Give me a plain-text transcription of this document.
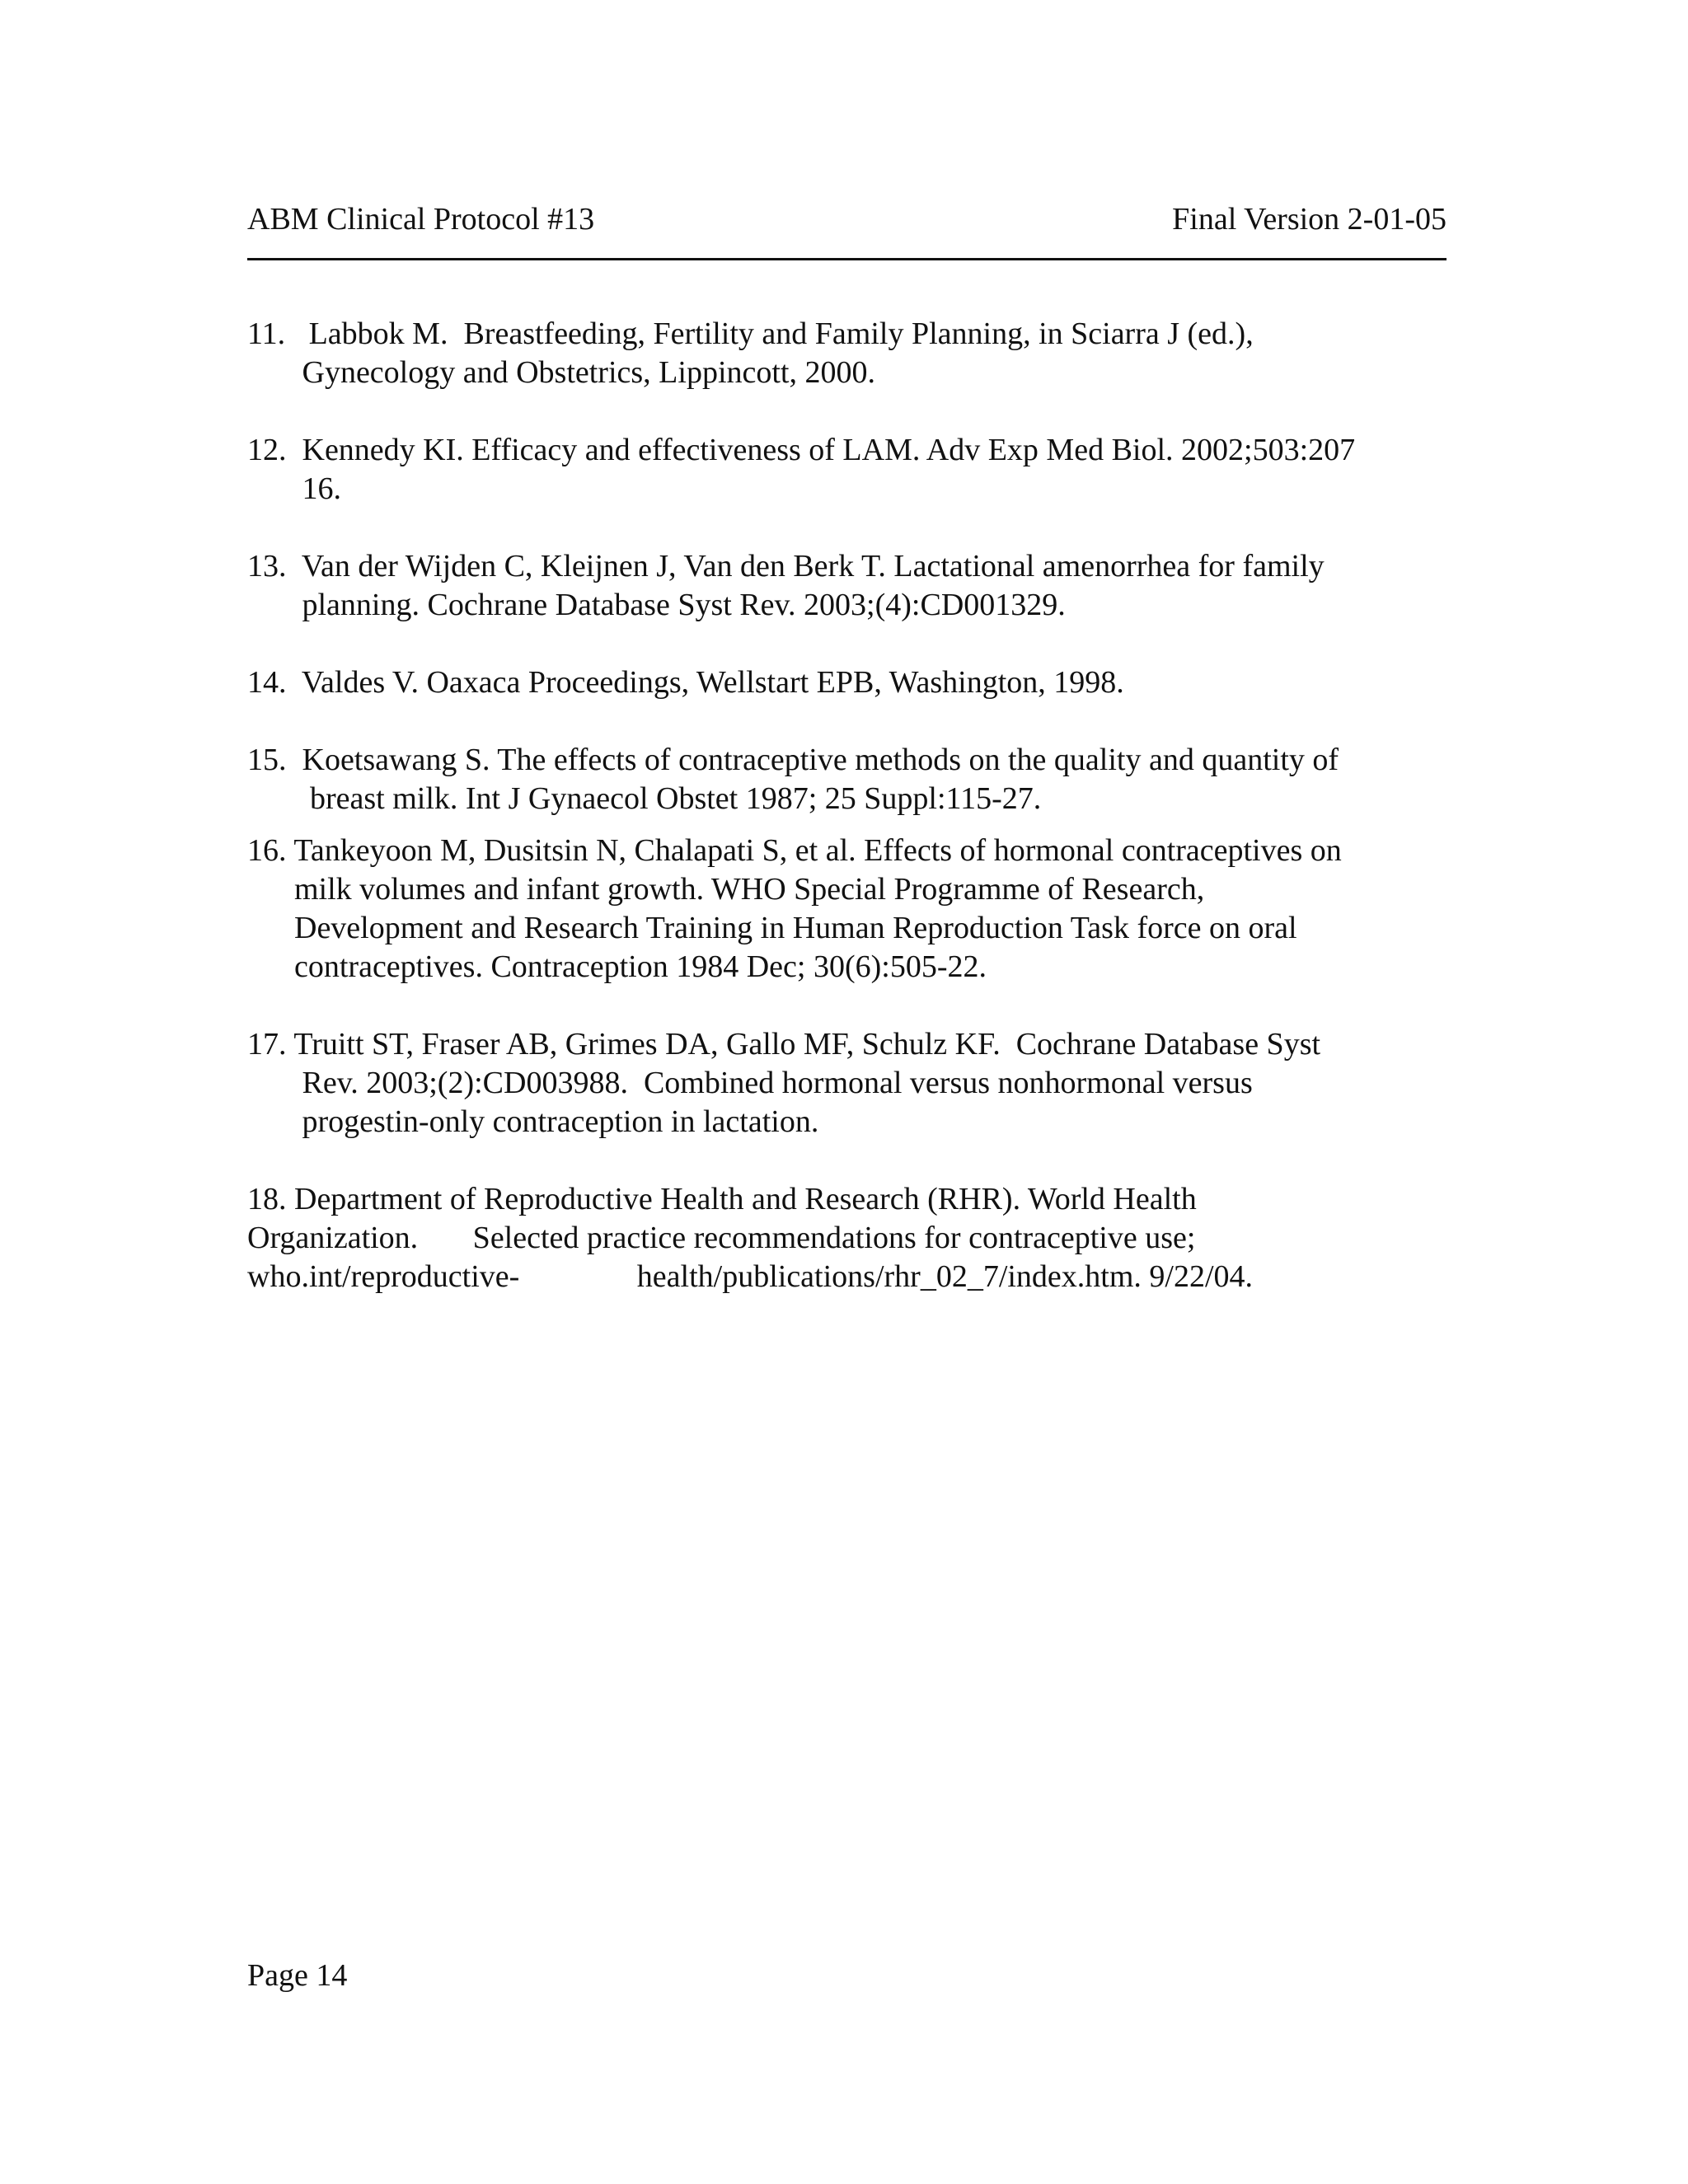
ABM Clinical Protocol #13	Final Version 2-01-05
11.   Labbok M.  Breastfeeding, Fertility and Family Planning, in Sciarra J (ed.),
Gynecology and Obstetrics, Lippincott, 2000.
12.  Kennedy KI. Efficacy and effectiveness of LAM. Adv Exp Med Biol. 2002;503:207
16.
13.  Van der Wijden C, Kleijnen J, Van den Berk T. Lactational amenorrhea for family
planning. Cochrane Database Syst Rev. 2003;(4):CD001329.
14.  Valdes V. Oaxaca Proceedings, Wellstart EPB, Washington, 1998.
15.  Koetsawang S. The effects of contraceptive methods on the quality and quantity of
breast milk. Int J Gynaecol Obstet 1987; 25 Suppl:115-27.
16. Tankeyoon M, Dusitsin N, Chalapati S, et al. Effects of hormonal contraceptives on
milk volumes and infant growth. WHO Special Programme of Research,
Development and Research Training in Human Reproduction Task force on oral
contraceptives. Contraception 1984 Dec; 30(6):505-22.
17. Truitt ST, Fraser AB, Grimes DA, Gallo MF, Schulz KF.  Cochrane Database Syst
Rev. 2003;(2):CD003988.  Combined hormonal versus nonhormonal versus
progestin-only contraception in lactation.
18. Department of Reproductive Health and Research (RHR). World Health
Organization.       Selected practice recommendations for contraceptive use;
who.int/reproductive-               health/publications/rhr_02_7/index.htm. 9/22/04.
Page 14
